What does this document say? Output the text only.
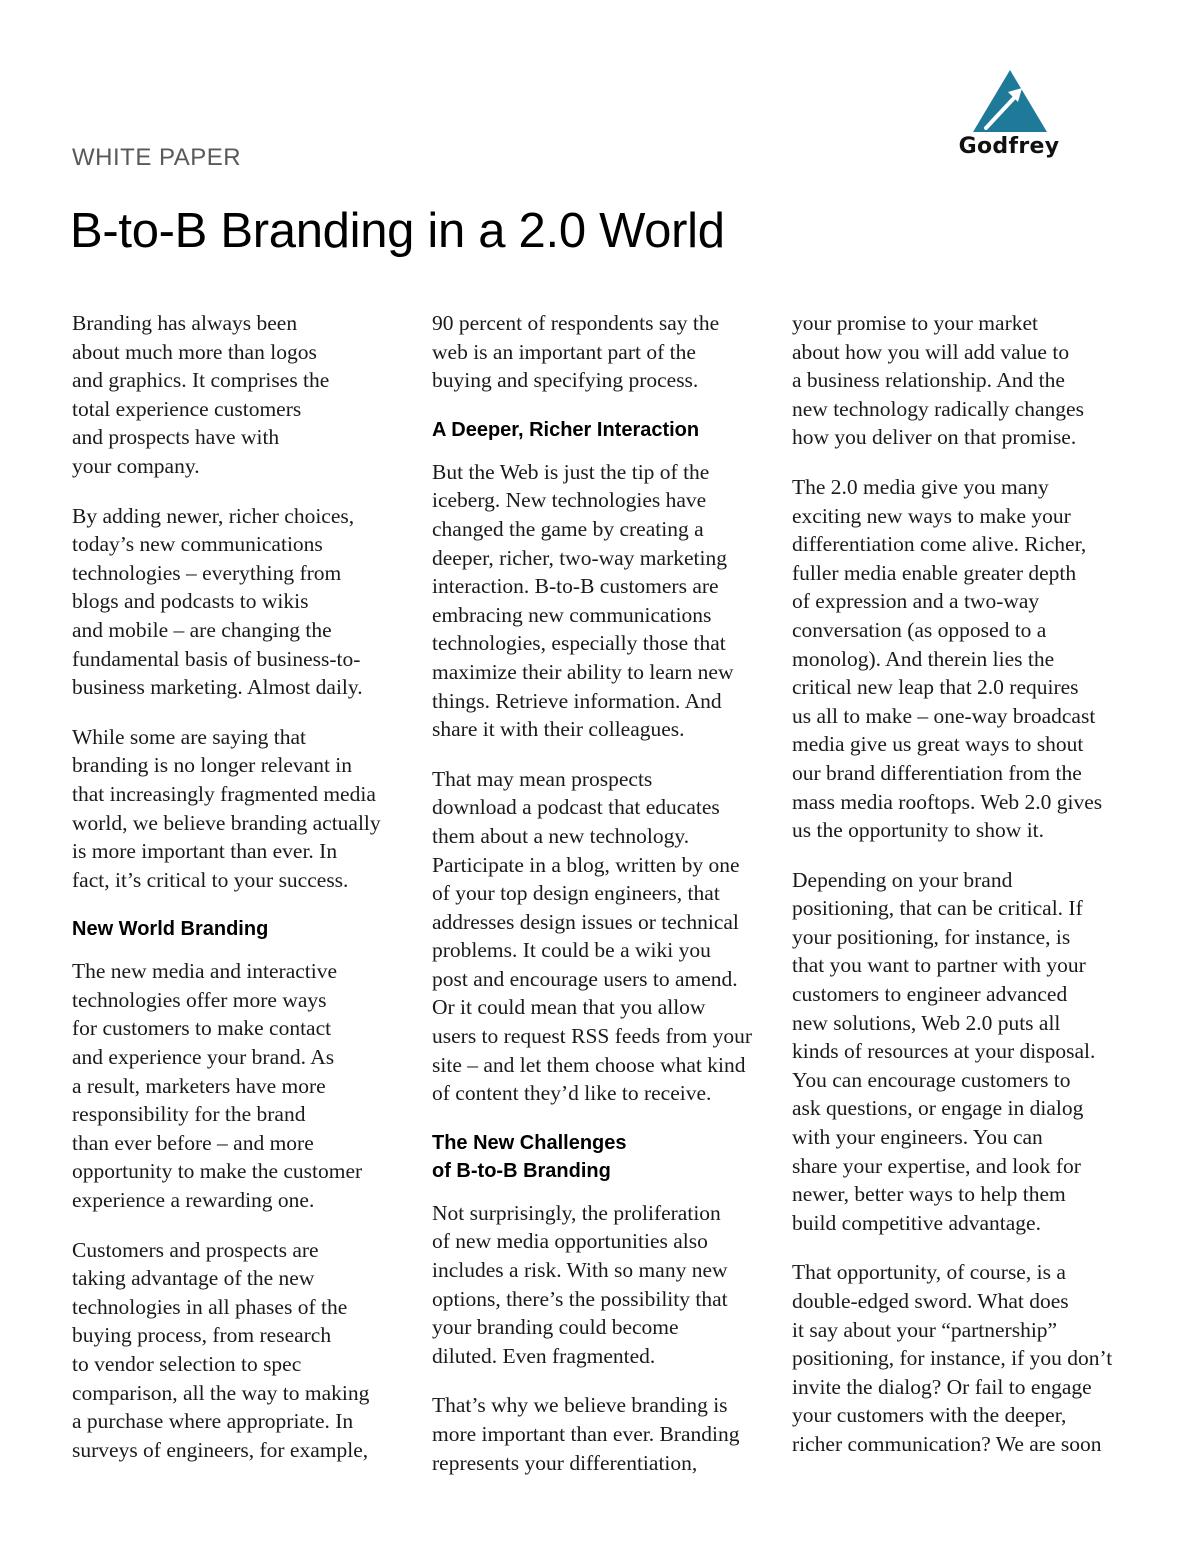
Godfrey
WHITE PAPER
B-to-B Branding in a 2.0 World

Branding has always been
about much more than logos
and graphics. It comprises the
total experience customers
and prospects have with
your company.

By adding newer, richer choices,
today’s new communications
technologies – everything from
blogs and podcasts to wikis
and mobile – are changing the
fundamental basis of business-to-
business marketing. Almost daily.

While some are saying that
branding is no longer relevant in
that increasingly fragmented media
world, we believe branding actually
is more important than ever. In
fact, it’s critical to your success.

New World Branding

The new media and interactive
technologies offer more ways
for customers to make contact
and experience your brand. As
a result, marketers have more
responsibility for the brand
than ever before – and more
opportunity to make the customer
experience a rewarding one.

Customers and prospects are
taking advantage of the new
technologies in all phases of the
buying process, from research
to vendor selection to spec
comparison, all the way to making
a purchase where appropriate. In
surveys of engineers, for example,

90 percent of respondents say the
web is an important part of the
buying and specifying process.

A Deeper, Richer Interaction

But the Web is just the tip of the
iceberg. New technologies have
changed the game by creating a
deeper, richer, two-way marketing
interaction. B-to-B customers are
embracing new communications
technologies, especially those that
maximize their ability to learn new
things. Retrieve information. And
share it with their colleagues.

That may mean prospects
download a podcast that educates
them about a new technology.
Participate in a blog, written by one
of your top design engineers, that
addresses design issues or technical
problems. It could be a wiki you
post and encourage users to amend.
Or it could mean that you allow
users to request RSS feeds from your
site – and let them choose what kind
of content they’d like to receive.

The New Challenges
of B-to-B Branding

Not surprisingly, the proliferation
of new media opportunities also
includes a risk. With so many new
options, there’s the possibility that
your branding could become
diluted. Even fragmented.

That’s why we believe branding is
more important than ever. Branding
represents your differentiation,

your promise to your market
about how you will add value to
a business relationship. And the
new technology radically changes
how you deliver on that promise.

The 2.0 media give you many
exciting new ways to make your
differentiation come alive. Richer,
fuller media enable greater depth
of expression and a two-way
conversation (as opposed to a
monolog). And therein lies the
critical new leap that 2.0 requires
us all to make – one-way broadcast
media give us great ways to shout
our brand differentiation from the
mass media rooftops. Web 2.0 gives
us the opportunity to show it.

Depending on your brand
positioning, that can be critical. If
your positioning, for instance, is
that you want to partner with your
customers to engineer advanced
new solutions, Web 2.0 puts all
kinds of resources at your disposal.
You can encourage customers to
ask questions, or engage in dialog
with your engineers. You can
share your expertise, and look for
newer, better ways to help them
build competitive advantage.

That opportunity, of course, is a
double-edged sword. What does
it say about your “partnership”
positioning, for instance, if you don’t
invite the dialog? Or fail to engage
your customers with the deeper,
richer communication? We are soon
